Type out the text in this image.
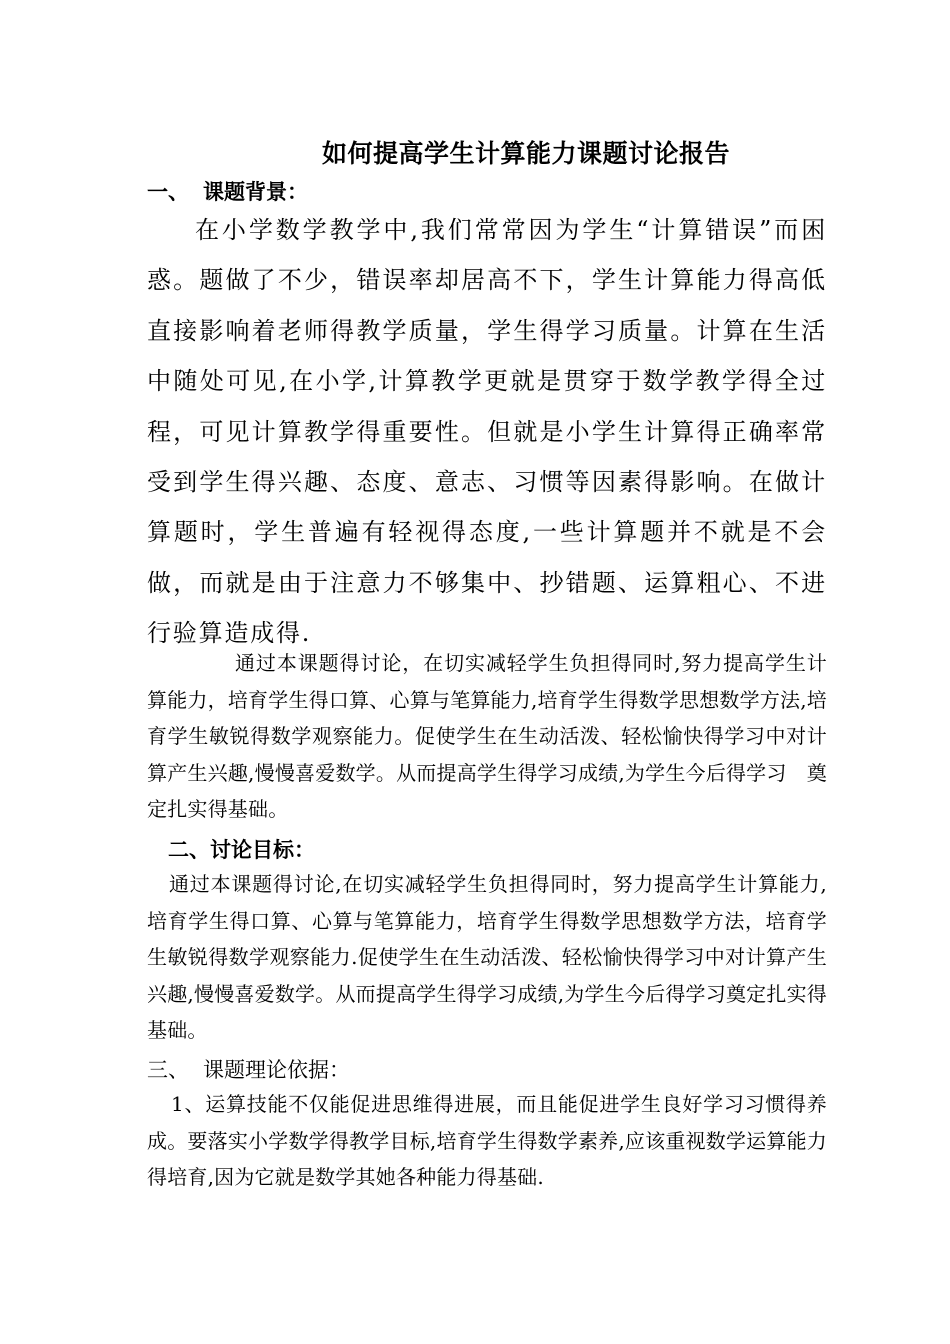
如何提高学生计算能力课题讨论报告
一、 课题背景：

在小学数学教学中,我们常常因为学生“计算错误”而困惑。题做了不少，错误率却居高不下，学生计算能力得高低直接影响着老师得教学质量，学生得学习质量。计算在生活中随处可见,在小学,计算教学更就是贯穿于数学教学得全过程，可见计算教学得重要性。但就是小学生计算得正确率常受到学生得兴趣、态度、意志、习惯等因素得影响。在做计算题时，学生普遍有轻视得态度,一些计算题并不就是不会做，而就是由于注意力不够集中、抄错题、运算粗心、不进行验算造成得.

通过本课题得讨论，在切实减轻学生负担得同时,努力提高学生计算能力，培育学生得口算、心算与笔算能力,培育学生得数学思想数学方法,培育学生敏锐得数学观察能力。促使学生在生动活泼、轻松愉快得学习中对计算产生兴趣,慢慢喜爱数学。从而提高学生得学习成绩,为学生今后得学习　奠定扎实得基础。

二、讨论目标：

通过本课题得讨论,在切实减轻学生负担得同时，努力提高学生计算能力,培育学生得口算、心算与笔算能力，培育学生得数学思想数学方法，培育学生敏锐得数学观察能力.促使学生在生动活泼、轻松愉快得学习中对计算产生兴趣,慢慢喜爱数学。从而提高学生得学习成绩,为学生今后得学习奠定扎实得基础。

三、 课题理论依据：

1、运算技能不仅能促进思维得进展，而且能促进学生良好学习习惯得养成。要落实小学数学得教学目标,培育学生得数学素养,应该重视数学运算能力得培育,因为它就是数学其她各种能力得基础.
